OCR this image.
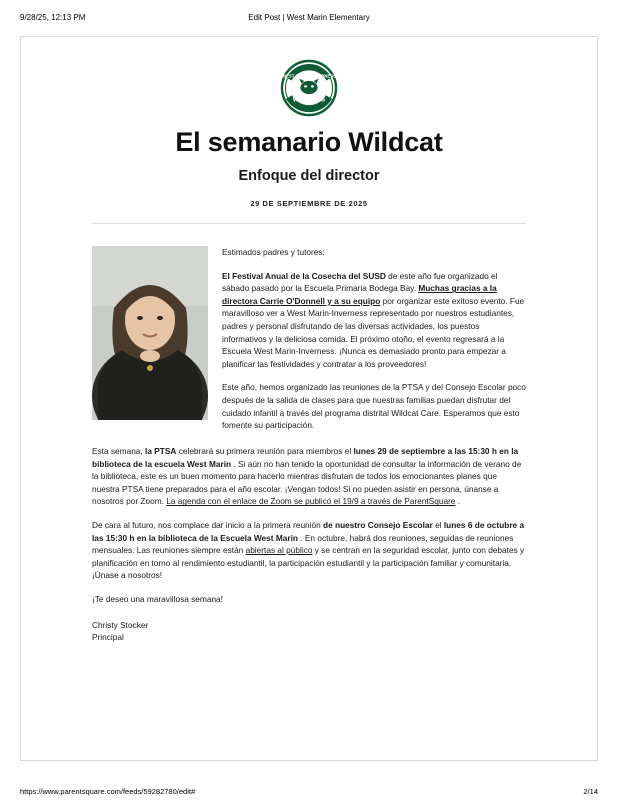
9/28/25, 12:13 PM	Edit Post | West Marin Elementary
WEST MARIN-INVERNESS
WILDCATS
El semanario Wildcat
Enfoque del director
29 DE SEPTIEMBRE DE 2025

Estimados padres y tutores:

El Festival Anual de la Cosecha del SUSD de este año fue organizado el sábado pasado por la Escuela Primaria Bodega Bay. Muchas gracias a la directora Carrie O'Donnell y a su equipo por organizar este exitoso evento. Fue maravilloso ver a West Marin-Inverness representado por nuestros estudiantes, padres y personal disfrutando de las diversas actividades, los puestos informativos y la deliciosa comida. El próximo otoño, el evento regresará a la Escuela West Marin-Inverness. ¡Nunca es demasiado pronto para empezar a planificar las festividades y contratar a los proveedores!

Este año, hemos organizado las reuniones de la PTSA y del Consejo Escolar poco después de la salida de clases para que nuestras familias puedan disfrutar del cuidado infantil a través del programa distrital Wildcat Care. Esperamos que esto fomente su participación.

Esta semana, la PTSA celebrará su primera reunión para miembros el lunes 29 de septiembre a las 15:30 h en la biblioteca de la escuela West Marin . Si aún no han tenido la oportunidad de consultar la información de verano de la biblioteca, este es un buen momento para hacerlo mientras disfrutan de todos los emocionantes planes que nuestra PTSA tiene preparados para el año escolar. ¡Vengan todos! Si no pueden asistir en persona, únanse a nosotros por Zoom. La agenda con el enlace de Zoom se publicó el 19/9 a través de ParentSquare .

De cara al futuro, nos complace dar inicio a la primera reunión de nuestro Consejo Escolar el lunes 6 de octubre a las 15:30 h en la biblioteca de la Escuela West Marin . En octubre, habrá dos reuniones, seguidas de reuniones mensuales. Las reuniones siempre están abiertas al público y se centran en la seguridad escolar, junto con debates y planificación en torno al rendimiento estudiantil, la participación estudiantil y la participación familiar y comunitaria. ¡Únase a nosotros!

¡Te deseo una maravillosa semana!

Christy Stocker
Principal
https://www.parentsquare.com/feeds/59282780/edit#	2/14
